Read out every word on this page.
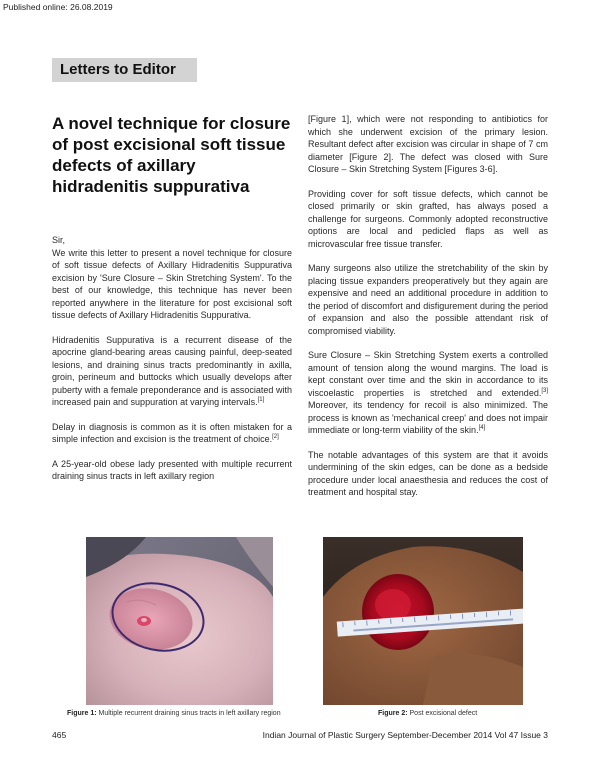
Published online: 26.08.2019
Letters to Editor
A novel technique for closure of post excisional soft tissue defects of axillary hidradenitis suppurativa

Sir,

We write this letter to present a novel technique for closure of soft tissue defects of Axillary Hidradenitis Suppurativa excision by 'Sure Closure – Skin Stretching System'. To the best of our knowledge, this technique has never been reported anywhere in the literature for post excisional soft tissue defects of Axillary Hidradenitis Suppurativa.

Hidradenitis Suppurativa is a recurrent disease of the apocrine gland-bearing areas causing painful, deep-seated lesions, and draining sinus tracts predominantly in axilla, groin, perineum and buttocks which usually develops after puberty with a female preponderance and is associated with increased pain and suppuration at varying intervals.[1]

Delay in diagnosis is common as it is often mistaken for a simple infection and excision is the treatment of choice.[2]

A 25-year-old obese lady presented with multiple recurrent draining sinus tracts in left axillary region

[Figure 1], which were not responding to antibiotics for which she underwent excision of the primary lesion. Resultant defect after excision was circular in shape of 7 cm diameter [Figure 2]. The defect was closed with Sure Closure – Skin Stretching System [Figures 3-6].

Providing cover for soft tissue defects, which cannot be closed primarily or skin grafted, has always posed a challenge for surgeons. Commonly adopted reconstructive options are local and pedicled flaps as well as microvascular free tissue transfer.

Many surgeons also utilize the stretchability of the skin by placing tissue expanders preoperatively but they again are expensive and need an additional procedure in addition to the period of discomfort and disfigurement during the period of expansion and also the possible attendant risk of compromised viability.

Sure Closure – Skin Stretching System exerts a controlled amount of tension along the wound margins. The load is kept constant over time and the skin in accordance to its viscoelastic properties is stretched and extended.[3] Moreover, its tendency for recoil is also minimized. The process is known as 'mechanical creep' and does not impair immediate or long-term viability of the skin.[4]

The notable advantages of this system are that it avoids undermining of the skin edges, can be done as a bedside procedure under local anaesthesia and reduces the cost of treatment and hospital stay.

Figure 1: Multiple recurrent draining sinus tracts in left axillary region	Figure 2: Post excisional defect
465	Indian Journal of Plastic Surgery September-December 2014 Vol 47 Issue 3
